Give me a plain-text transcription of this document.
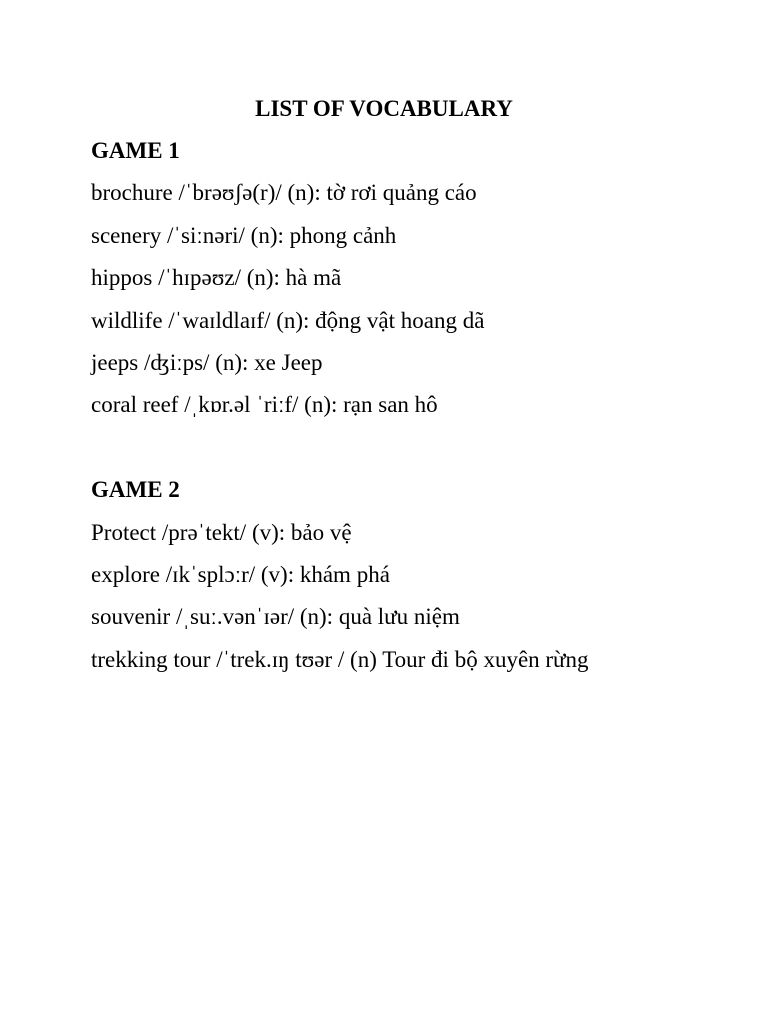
LIST OF VOCABULARY
GAME 1
brochure /ˈbrəʊʃə(r)/ (n): tờ rơi quảng cáo
scenery /ˈsiːnəri/ (n): phong cảnh
hippos /ˈhɪpəʊz/ (n): hà mã
wildlife /ˈwaɪldlaɪf/ (n): động vật hoang dã
jeeps /ʤiːps/ (n): xe Jeep
coral reef /ˌkɒr.əl ˈriːf/ (n): rạn san hô
GAME 2
Protect /prəˈtekt/ (v): bảo vệ
explore /ɪkˈsplɔːr/ (v): khám phá
souvenir /ˌsuː.vənˈɪər/ (n): quà lưu niệm
trekking tour /ˈtrek.ɪŋ tʊər / (n) Tour đi bộ xuyên rừng
